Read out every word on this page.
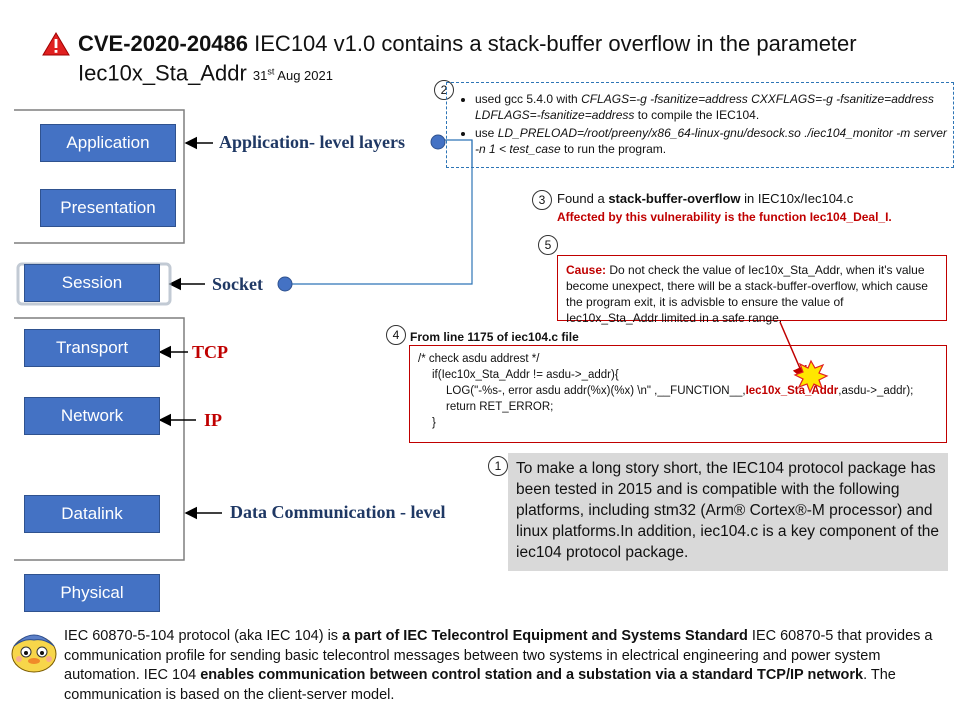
CVE-2020-20486 IEC104 v1.0 contains a stack-buffer overflow in the parameter Iec10x_Sta_Addr 31st Aug 2021
Application
Presentation
Session
Transport
Network
Datalink
Physical
Application- level layers
Socket
TCP
IP
Data Communication - level
2
3
5
4
1
• used gcc 5.4.0 with CFLAGS=-g -fsanitize=address CXXFLAGS=-g -fsanitize=address LDFLAGS=-fsanitize=address to compile the IEC104.
• use LD_PRELOAD=/root/preeny/x86_64-linux-gnu/desock.so ./iec104_monitor -m server -n 1 < test_case to run the program.
Found a stack-buffer-overflow in IEC10x/Iec104.c
Affected by this vulnerability is the function Iec104_Deal_I.
Cause: Do not check the value of Iec10x_Sta_Addr, when it's value become unexpect, there will be a stack-buffer-overflow, which cause the program exit, it is advisble to ensure the value of Iec10x_Sta_Addr limited in a safe range.
From line 1175 of iec104.c file
/* check asdu addrest */
if(Iec10x_Sta_Addr != asdu->_addr){
LOG("-%s-, error asdu addr(%x)(%x) \n" ,__FUNCTION__,Iec10x_Sta_Addr,asdu->_addr);
return RET_ERROR;
}
To make a long story short, the IEC104 protocol package has been tested in 2015 and is compatible with the following platforms, including stm32 (Arm® Cortex®-M processor) and linux platforms.In addition, iec104.c is a key component of the iec104 protocol package.
IEC 60870-5-104 protocol (aka IEC 104) is a part of IEC Telecontrol Equipment and Systems Standard IEC 60870-5 that provides a communication profile for sending basic telecontrol messages between two systems in electrical engineering and power system automation. IEC 104 enables communication between control station and a substation via a standard TCP/IP network. The communication is based on the client-server model.
